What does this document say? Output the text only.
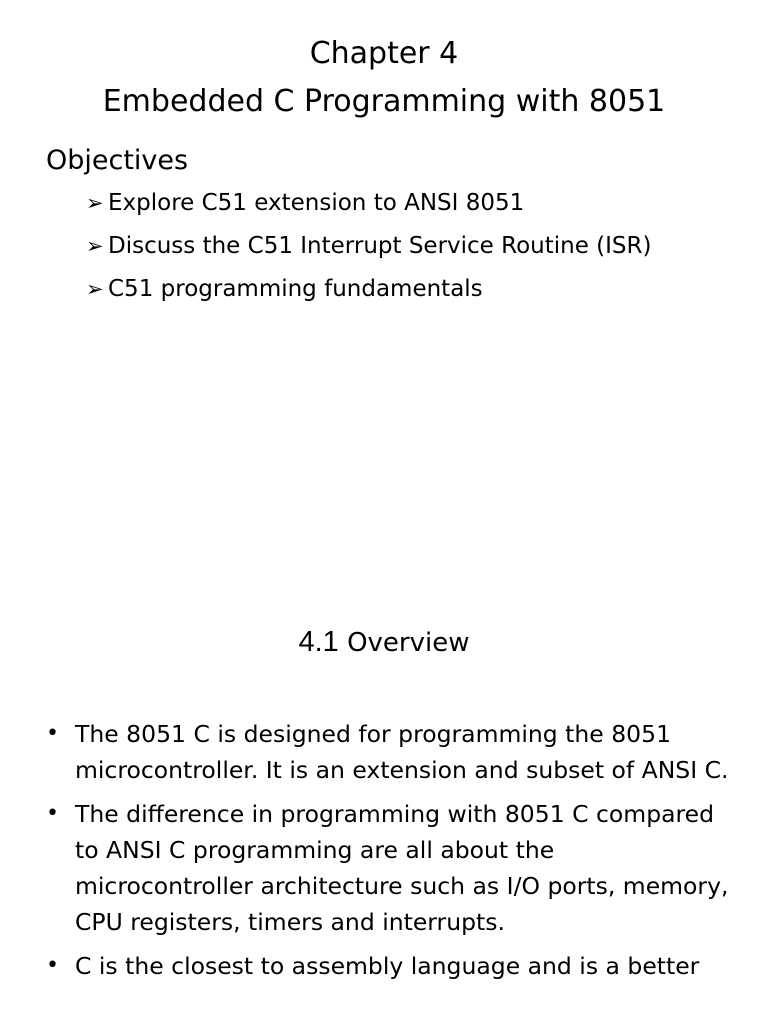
Chapter 4
Embedded C Programming with 8051
Objectives
➢ Explore C51 extension to ANSI 8051
➢ Discuss the C51 Interrupt Service Routine (ISR)
➢ C51 programming fundamentals
4.1 Overview
• The 8051 C is designed for programming the 8051 microcontroller. It is an extension and subset of ANSI C.
• The difference in programming with 8051 C compared to ANSI C programming are all about the microcontroller architecture such as I/O ports, memory, CPU registers, timers and interrupts.
• C is the closest to assembly language and is a better
